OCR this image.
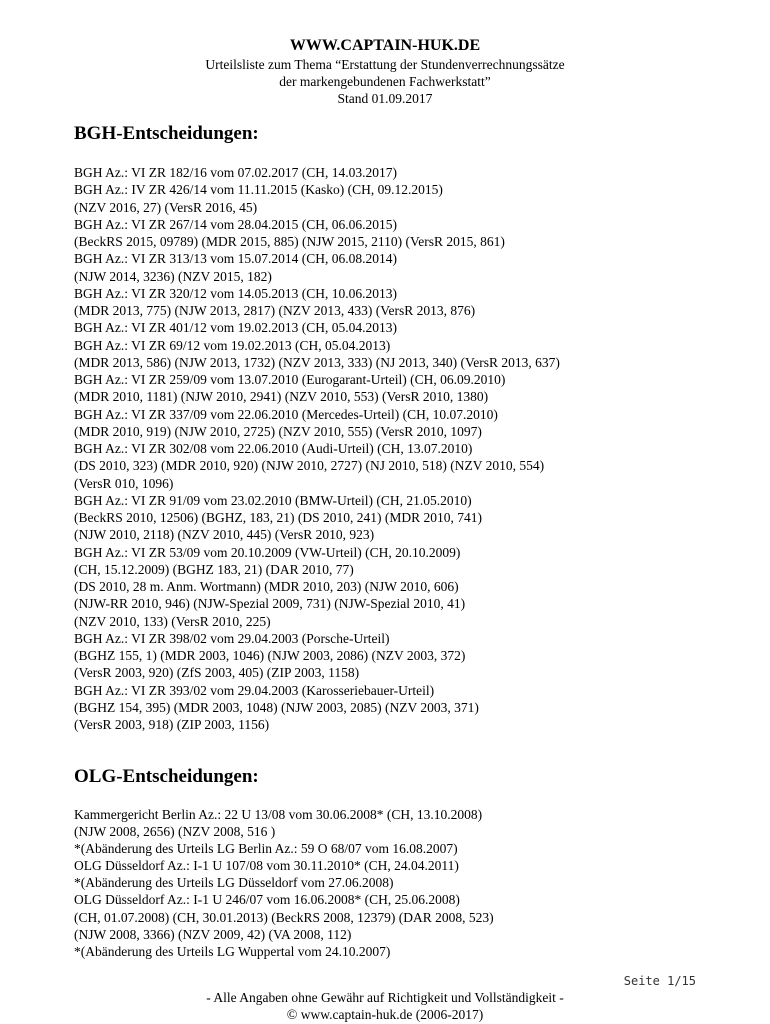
WWW.CAPTAIN-HUK.DE
Urteilsliste zum Thema “Erstattung der Stundenverrechnungssätze
der markengebundenen Fachwerkstatt”
Stand 01.09.2017
BGH-Entscheidungen:
BGH Az.: VI ZR 182/16 vom 07.02.2017 (CH, 14.03.2017)
BGH Az.: IV ZR 426/14 vom 11.11.2015 (Kasko) (CH, 09.12.2015)
(NZV 2016, 27) (VersR 2016, 45)
BGH Az.: VI ZR 267/14 vom 28.04.2015 (CH, 06.06.2015)
(BeckRS 2015, 09789) (MDR 2015, 885) (NJW 2015, 2110) (VersR 2015, 861)
BGH Az.: VI ZR 313/13 vom 15.07.2014 (CH, 06.08.2014)
(NJW 2014, 3236) (NZV 2015, 182)
BGH Az.: VI ZR 320/12 vom 14.05.2013 (CH, 10.06.2013)
(MDR 2013, 775) (NJW 2013, 2817) (NZV 2013, 433) (VersR 2013, 876)
BGH Az.: VI ZR 401/12 vom 19.02.2013 (CH, 05.04.2013)
BGH Az.: VI ZR 69/12 vom 19.02.2013 (CH, 05.04.2013)
(MDR 2013, 586) (NJW 2013, 1732) (NZV 2013, 333) (NJ 2013, 340) (VersR 2013, 637)
BGH Az.: VI ZR 259/09 vom 13.07.2010 (Eurogarant-Urteil) (CH, 06.09.2010)
(MDR 2010, 1181) (NJW 2010, 2941) (NZV 2010, 553) (VersR 2010, 1380)
BGH Az.: VI ZR 337/09 vom 22.06.2010 (Mercedes-Urteil) (CH, 10.07.2010)
(MDR 2010, 919) (NJW 2010, 2725) (NZV 2010, 555) (VersR 2010, 1097)
BGH Az.: VI ZR 302/08 vom 22.06.2010 (Audi-Urteil) (CH, 13.07.2010)
(DS 2010, 323) (MDR 2010, 920) (NJW 2010, 2727) (NJ 2010, 518) (NZV 2010, 554)
(VersR 010, 1096)
BGH Az.: VI ZR 91/09 vom 23.02.2010 (BMW-Urteil) (CH, 21.05.2010)
(BeckRS 2010, 12506) (BGHZ, 183, 21) (DS 2010, 241) (MDR 2010, 741)
(NJW 2010, 2118) (NZV 2010, 445) (VersR 2010, 923)
BGH Az.: VI ZR 53/09 vom 20.10.2009 (VW-Urteil) (CH, 20.10.2009)
(CH, 15.12.2009) (BGHZ 183, 21) (DAR 2010, 77)
(DS 2010, 28 m. Anm. Wortmann) (MDR 2010, 203) (NJW 2010, 606)
(NJW-RR 2010, 946) (NJW-Spezial 2009, 731) (NJW-Spezial 2010, 41)
(NZV 2010, 133) (VersR 2010, 225)
BGH Az.: VI ZR 398/02 vom 29.04.2003 (Porsche-Urteil)
(BGHZ 155, 1) (MDR 2003, 1046) (NJW 2003, 2086) (NZV 2003, 372)
(VersR 2003, 920) (ZfS 2003, 405) (ZIP 2003, 1158)
BGH Az.: VI ZR 393/02 vom 29.04.2003 (Karosseriebauer-Urteil)
(BGHZ 154, 395) (MDR 2003, 1048) (NJW 2003, 2085) (NZV 2003, 371)
(VersR 2003, 918) (ZIP 2003, 1156)
OLG-Entscheidungen:
Kammergericht Berlin Az.: 22 U 13/08 vom 30.06.2008* (CH, 13.10.2008)
(NJW 2008, 2656) (NZV 2008, 516 )
*(Abänderung des Urteils LG Berlin Az.: 59 O 68/07 vom 16.08.2007)
OLG Düsseldorf Az.: I-1 U 107/08 vom 30.11.2010* (CH, 24.04.2011)
*(Abänderung des Urteils LG Düsseldorf vom 27.06.2008)
OLG Düsseldorf Az.: I-1 U 246/07 vom 16.06.2008* (CH, 25.06.2008)
(CH, 01.07.2008) (CH, 30.01.2013) (BeckRS 2008, 12379) (DAR 2008, 523)
(NJW 2008, 3366) (NZV 2009, 42) (VA 2008, 112)
*(Abänderung des Urteils LG Wuppertal vom 24.10.2007)
Seite 1/15
- Alle Angaben ohne Gewähr auf Richtigkeit und Vollständigkeit -
© www.captain-huk.de (2006-2017)
